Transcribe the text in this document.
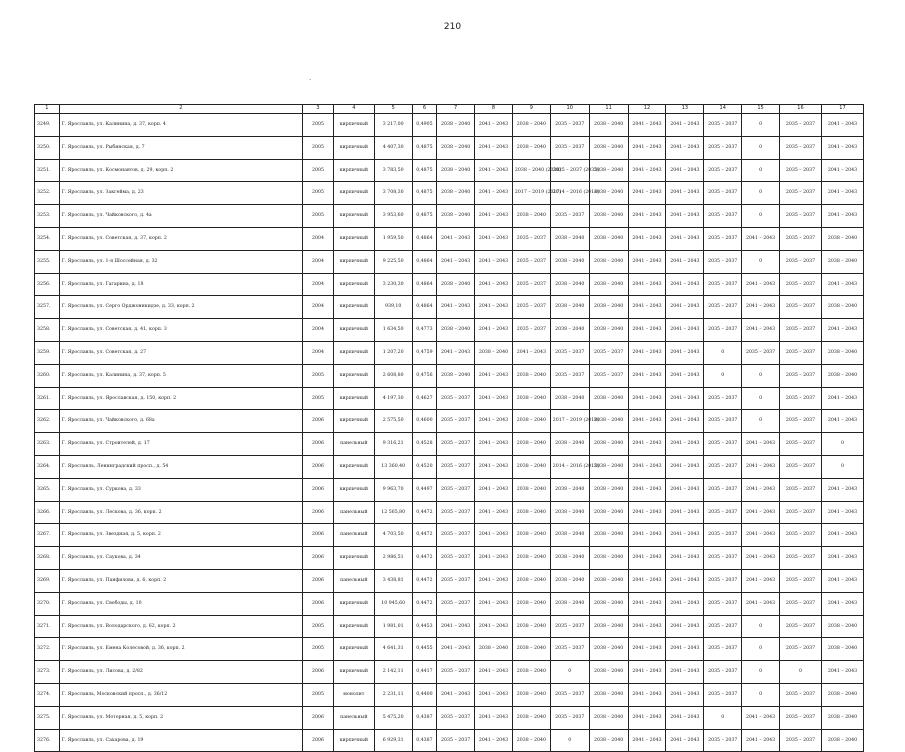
210
.
1	2	3	4	5	6	7	8	9	10	11	12	13	14	15	16	17
3249.	Г. Ярославль, ул. Калинина, д. 37, корп. 4	2005	кирпичный	3 217,00	0,4905	2038 – 2040	2041 – 2043	2038 – 2040	2035 – 2037	2038 – 2040	2041 – 2043	2041 – 2043	2035 – 2037	0	2035 – 2037	2041 – 2043
3250.	Г. Ярославль, ул. Рыбинская, д. 7	2005	кирпичный	4 407,30	0,4875	2038 – 2040	2041 – 2043	2038 – 2040	2035 – 2037	2038 – 2040	2041 – 2043	2041 – 2043	2035 – 2037	0	2035 – 2037	2041 – 2043
3251.	Г. Ярославль, ул. Космонавтов, д. 29, корп. 2	2005	кирпичный	3 783,50	0,4875	2038 – 2040	2041 – 2043	2038 – 2040 (2038)	2035 – 2037 (2035)	2038 – 2040	2041 – 2043	2041 – 2043	2035 – 2037	0	2035 – 2037	2041 – 2043
3252.	Г. Ярославль, ул. Закгейма, д. 23	2005	кирпичный	3 708,30	0,4875	2038 – 2040	2041 – 2043	2017 – 2019 (2017)	2014 – 2016 (2014)	2038 – 2040	2041 – 2043	2041 – 2043	2035 – 2037	0	2035 – 2037	2041 – 2043
3253.	Г. Ярославль, ул. Чайковского, д. 4а	2005	кирпичный	3 953,60	0,4875	2038 – 2040	2041 – 2043	2038 – 2040	2035 – 2037	2038 – 2040	2041 – 2043	2041 – 2043	2035 – 2037	0	2035 – 2037	2041 – 2043
3254.	Г. Ярославль, ул. Советская, д. 37, корп. 2	2004	кирпичный	1 959,50	0,4864	2041 – 2043	2041 – 2043	2035 – 2037	2038 – 2040	2038 – 2040	2041 – 2043	2041 – 2043	2035 – 2037	2041 – 2043	2035 – 2037	2038 – 2040
3255.	Г. Ярославль, ул. 1-я Шоссейная, д. 32	2004	кирпичный	9 225,50	0,4864	2041 – 2043	2041 – 2043	2035 – 2037	2038 – 2040	2038 – 2040	2041 – 2043	2041 – 2043	2035 – 2037	0	2035 – 2037	2038 – 2040
3256.	Г. Ярославль, ул. Гагарина, д. 18	2004	кирпичный	3 230,30	0,4864	2038 – 2040	2041 – 2043	2035 – 2037	2038 – 2040	2038 – 2040	2041 – 2043	2041 – 2043	2035 – 2037	2041 – 2043	2035 – 2037	2041 – 2043
3257.	Г. Ярославль, ул. Серго Орджоникидзе, д. 33, корп. 2	2004	кирпичный	939,10	0,4864	2041 – 2043	2041 – 2043	2035 – 2037	2038 – 2040	2038 – 2040	2041 – 2043	2041 – 2043	2035 – 2037	2041 – 2043	2035 – 2037	2038 – 2040
3258.	Г. Ярославль, ул. Советская, д. 41, корп. 3	2004	кирпичный	1 634,50	0,4773	2038 – 2040	2041 – 2043	2035 – 2037	2038 – 2040	2038 – 2040	2041 – 2043	2041 – 2043	2035 – 2037	2041 – 2043	2035 – 2037	2041 – 2043
3259.	Г. Ярославль, ул. Советская, д. 27	2004	кирпичный	1 207,20	0,4759	2041 – 2043	2038 – 2040	2041 – 2043	2035 – 2037	2035 – 2037	2041 – 2043	2041 – 2043	0	2035 – 2037	2035 – 2037	2038 – 2040
3260.	Г. Ярославль, ул. Калинина, д. 37, корп. 5	2005	кирпичный	2 608,80	0,4756	2038 – 2040	2041 – 2043	2038 – 2040	2035 – 2037	2035 – 2037	2041 – 2043	2041 – 2043	0	0	2035 – 2037	2038 – 2040
3261.	Г. Ярославль, ул. Ярославская, д. 150, корп. 2	2005	кирпичный	4 197,30	0,4627	2035 – 2037	2041 – 2043	2038 – 2040	2038 – 2040	2038 – 2040	2041 – 2043	2041 – 2043	2035 – 2037	0	2035 – 2037	2041 – 2043
3262.	Г. Ярославль, ул. Чайковского, д. 68а	2006	кирпичный	2 575,50	0,4600	2035 – 2037	2041 – 2043	2038 – 2040	2017 – 2019 (2018)	2038 – 2040	2041 – 2043	2041 – 2043	2035 – 2037	0	2035 – 2037	2041 – 2043
3263.	Г. Ярославль, ул. Строителей, д. 17	2006	панельный	9 316,21	0,4528	2035 – 2037	2041 – 2043	2038 – 2040	2038 – 2040	2038 – 2040	2041 – 2043	2041 – 2043	2035 – 2037	2041 – 2043	2035 – 2037	0
3264.	Г. Ярославль, Ленинградский просп., д. 54	2006	кирпичный	13 360,40	0,4520	2035 – 2037	2041 – 2043	2038 – 2040	2014 – 2016 (2015)	2038 – 2040	2041 – 2043	2041 – 2043	2035 – 2037	2041 – 2043	2035 – 2037	0
3265.	Г. Ярославль, ул. Суркова, д. 33	2006	кирпичный	9 963,70	0,4497	2035 – 2037	2041 – 2043	2038 – 2040	2038 – 2040	2038 – 2040	2041 – 2043	2041 – 2043	2035 – 2037	2041 – 2043	2035 – 2037	2041 – 2043
3266.	Г. Ярославль, ул. Лескова, д. 36, корп. 2	2006	панельный	12 565,80	0,4472	2035 – 2037	2041 – 2043	2038 – 2040	2038 – 2040	2038 – 2040	2041 – 2043	2041 – 2043	2035 – 2037	2041 – 2043	2035 – 2037	2041 – 2043
3267.	Г. Ярославль, ул. Звездная, д. 5, корп. 2	2006	панельный	4 703,50	0,4472	2035 – 2037	2041 – 2043	2038 – 2040	2038 – 2040	2038 – 2040	2041 – 2043	2041 – 2043	2035 – 2037	2041 – 2043	2035 – 2037	2041 – 2043
3268.	Г. Ярославль, ул. Саукова, д. 34	2006	кирпичный	2 986,51	0,4472	2035 – 2037	2041 – 2043	2038 – 2040	2038 – 2040	2038 – 2040	2041 – 2043	2041 – 2043	2035 – 2037	2041 – 2043	2035 – 2037	2041 – 2043
3269.	Г. Ярославль, ул. Панфилова, д. 6, корп. 2	2006	панельный	3 438,81	0,4472	2035 – 2037	2041 – 2043	2038 – 2040	2038 – 2040	2038 – 2040	2041 – 2043	2041 – 2043	2035 – 2037	2041 – 2043	2035 – 2037	2041 – 2043
3270.	Г. Ярославль, ул. Свободы, д. 10	2006	кирпичный	10 945,60	0,4472	2035 – 2037	2041 – 2043	2038 – 2040	2038 – 2040	2038 – 2040	2041 – 2043	2041 – 2043	2035 – 2037	2041 – 2043	2035 – 2037	2041 – 2043
3271.	Г. Ярославль, ул. Володарского, д. 62, корп. 2	2005	кирпичный	1 981,01	0,4453	2041 – 2043	2041 – 2043	2038 – 2040	2035 – 2037	2038 – 2040	2041 – 2043	2041 – 2043	2035 – 2037	0	2035 – 2037	2038 – 2040
3272.	Г. Ярославль, ул. Емена Колесовой, д. 36, корп. 2	2005	кирпичный	4 641,31	0,4455	2041 – 2043	2038 – 2040	2038 – 2040	2035 – 2037	2038 – 2040	2041 – 2043	2041 – 2043	2035 – 2037	0	2035 – 2037	2038 – 2040
3273.	Г. Ярославль, ул. Лисова, д. 2/82	2006	кирпичный	2 142,11	0,4417	2035 – 2037	2041 – 2043	2038 – 2040	0	2038 – 2040	2041 – 2043	2041 – 2043	2035 – 2037	0	0	2041 – 2043
3274.	Г. Ярославль, Московский просп., д. 36/12	2005	монолит	2 231,11	0,4400	2041 – 2043	2041 – 2043	2038 – 2040	2035 – 2037	2038 – 2040	2041 – 2043	2041 – 2043	2035 – 2037	0	2035 – 2037	2038 – 2040
3275.	Г. Ярославль, ул. Моторная, д. 5, корп. 2	2006	панельный	5 475,20	0,4387	2035 – 2037	2041 – 2043	2038 – 2040	2035 – 2037	2038 – 2040	2041 – 2043	2041 – 2043	0	2041 – 2043	2035 – 2037	2038 – 2040
3276.	Г. Ярославль, ул. Сахарова, д. 19	2006	кирпичный	6 929,31	0,4387	2035 – 2037	2041 – 2043	2038 – 2040	0	2038 – 2040	2041 – 2043	2041 – 2043	2035 – 2037	2041 – 2043	2035 – 2037	2038 – 2040
